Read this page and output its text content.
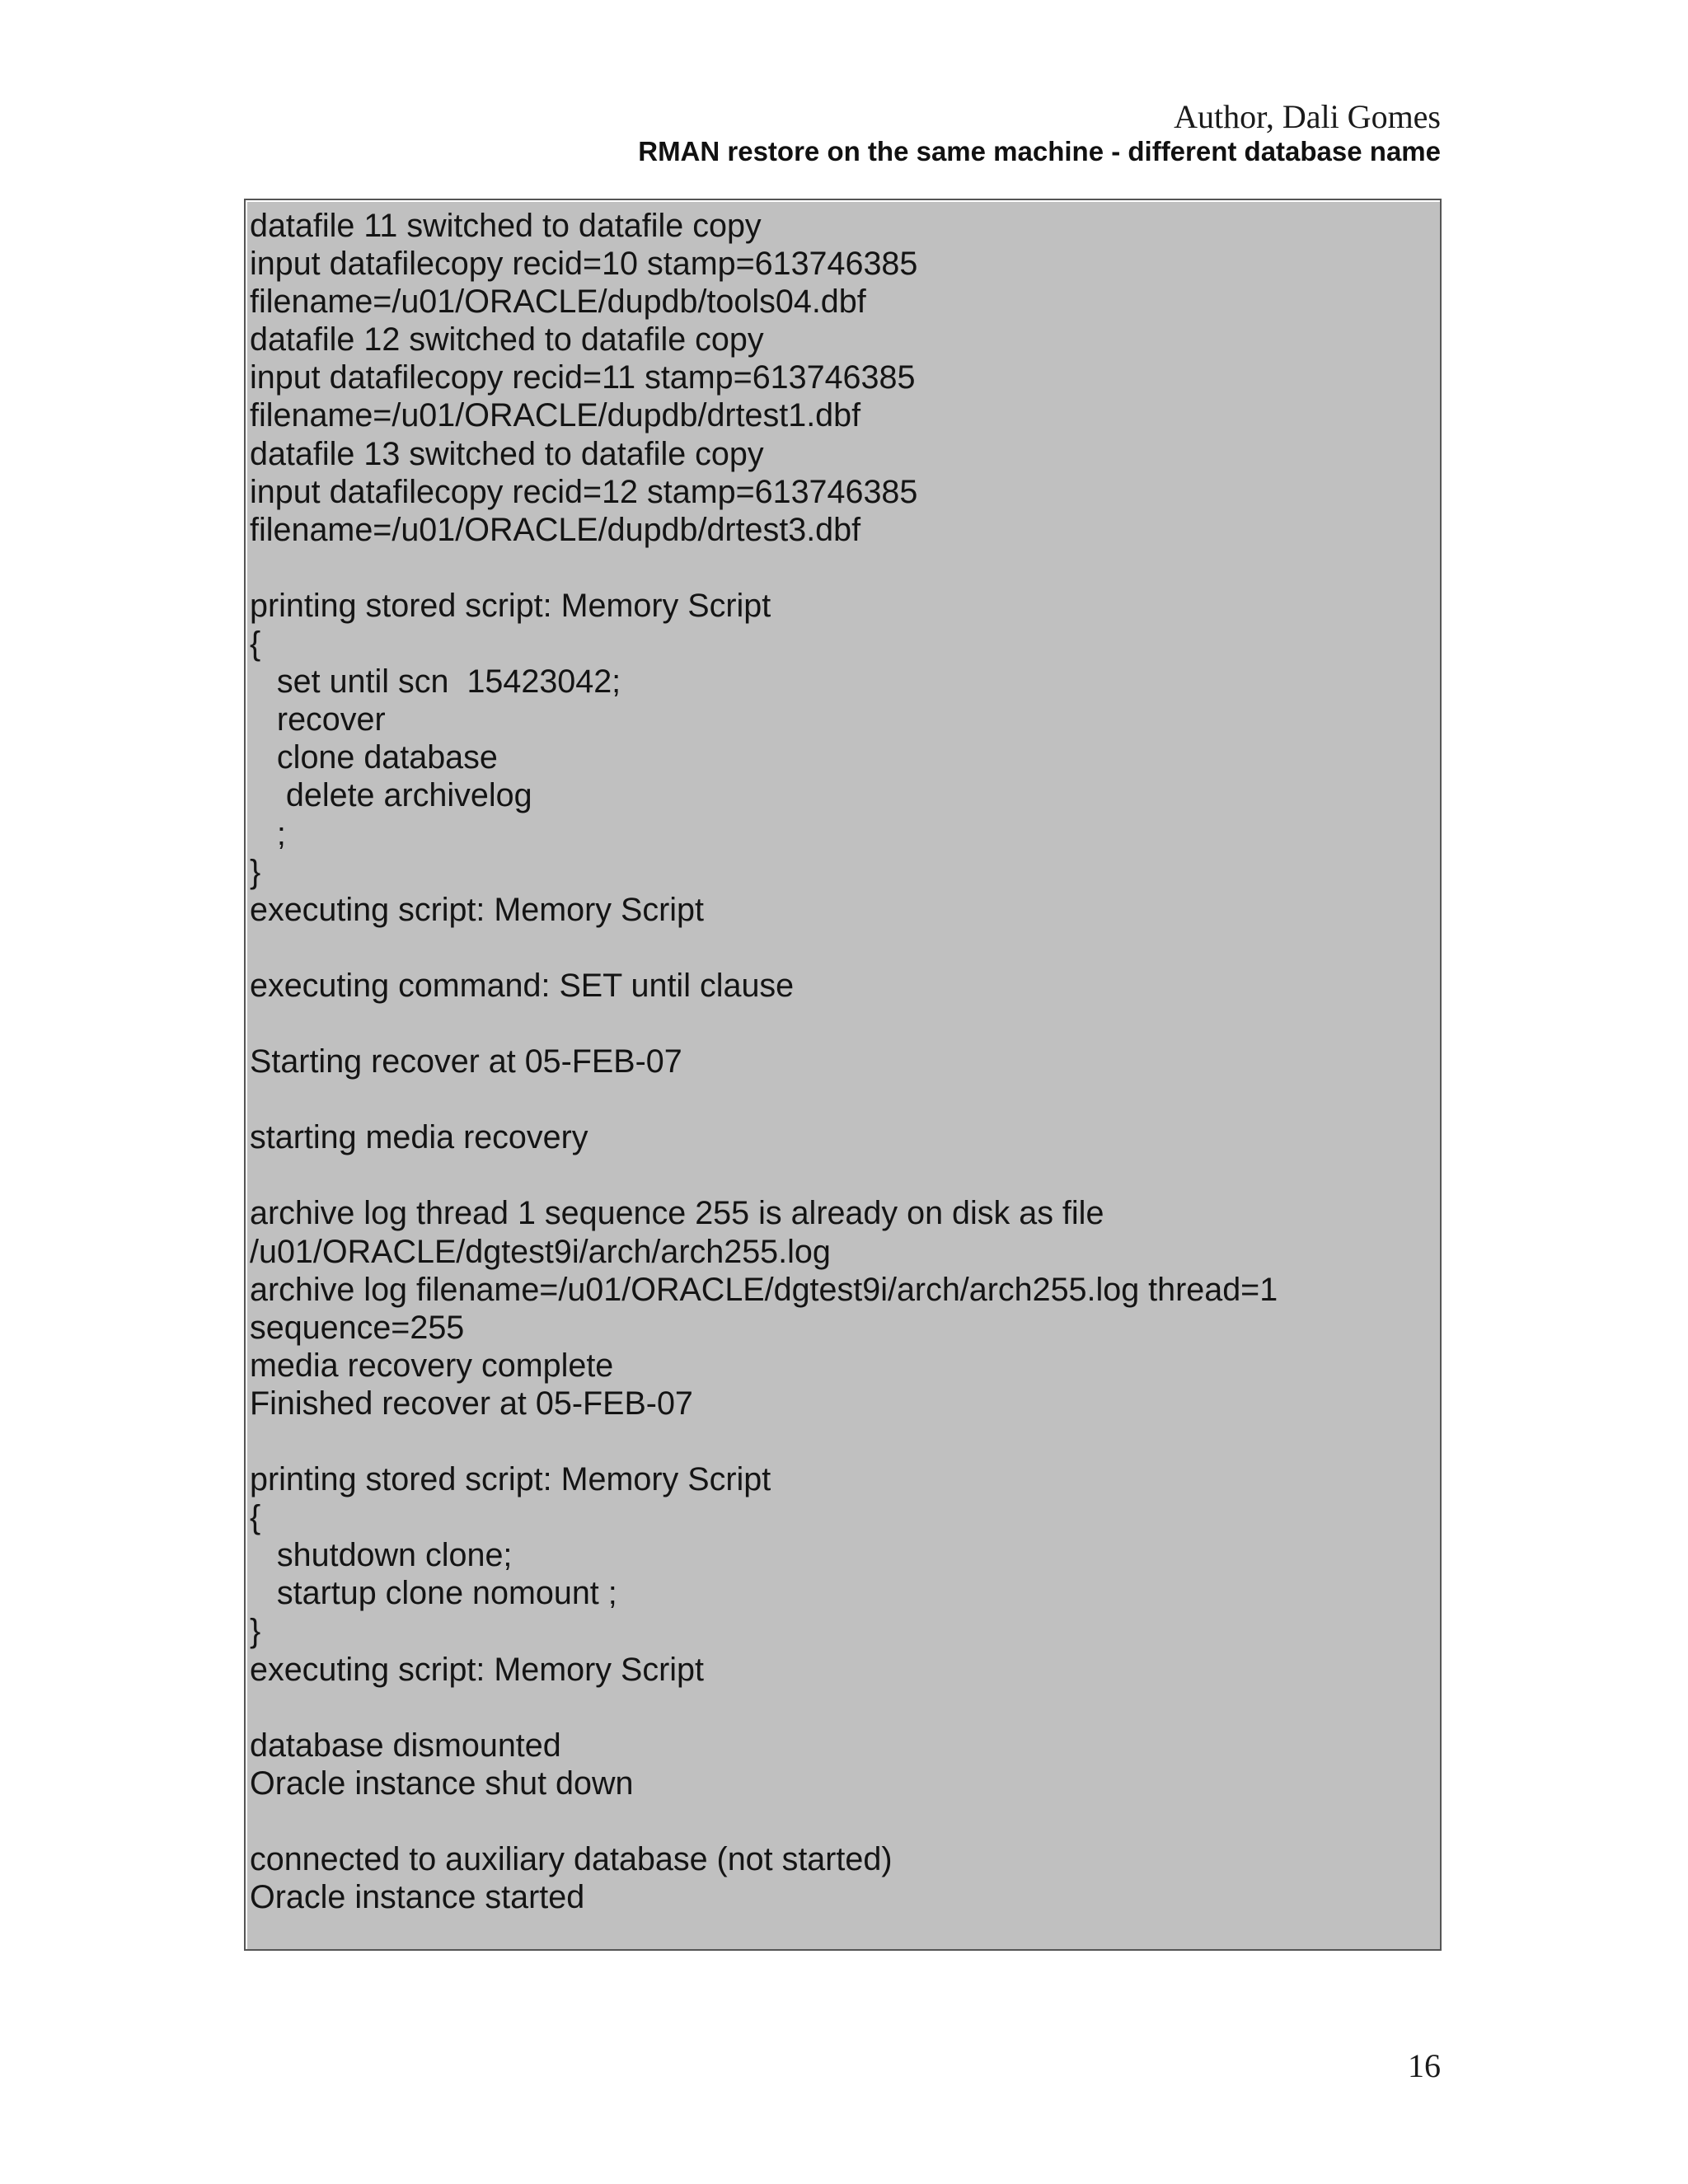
Author, Dali Gomes
RMAN restore on the same machine - different database name
datafile 11 switched to datafile copy
input datafilecopy recid=10 stamp=613746385
filename=/u01/ORACLE/dupdb/tools04.dbf
datafile 12 switched to datafile copy
input datafilecopy recid=11 stamp=613746385
filename=/u01/ORACLE/dupdb/drtest1.dbf
datafile 13 switched to datafile copy
input datafilecopy recid=12 stamp=613746385
filename=/u01/ORACLE/dupdb/drtest3.dbf
printing stored script: Memory Script
{
set until scn  15423042;
recover
clone database
delete archivelog
;
}
executing script: Memory Script
executing command: SET until clause
Starting recover at 05-FEB-07
starting media recovery
archive log thread 1 sequence 255 is already on disk as file
/u01/ORACLE/dgtest9i/arch/arch255.log
archive log filename=/u01/ORACLE/dgtest9i/arch/arch255.log thread=1
sequence=255
media recovery complete
Finished recover at 05-FEB-07
printing stored script: Memory Script
{
shutdown clone;
startup clone nomount ;
}
executing script: Memory Script
database dismounted
Oracle instance shut down
connected to auxiliary database (not started)
Oracle instance started
16
